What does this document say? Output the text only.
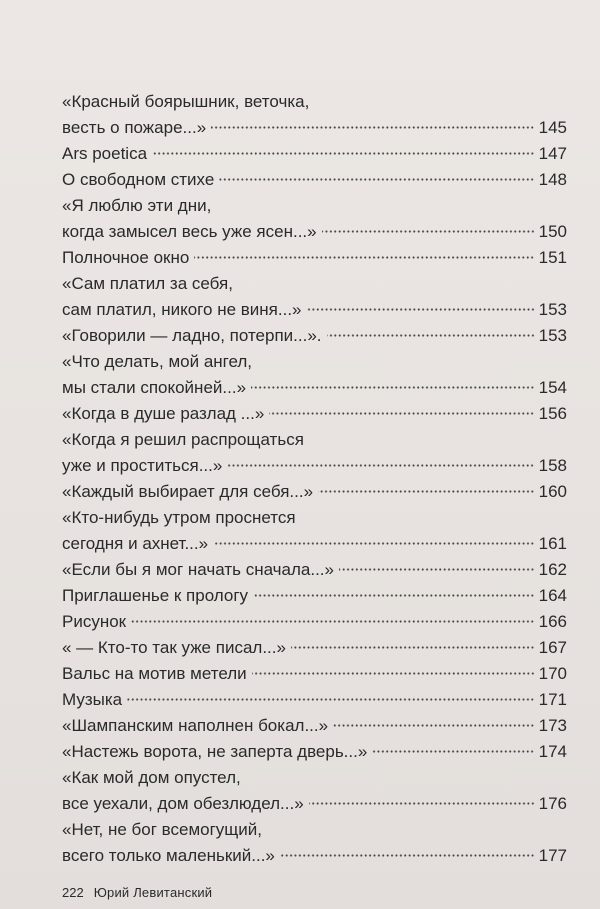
«Красный боярышник, веточка,
весть о пожаре...»	145
Ars poetica	147
О свободном стихе	148
«Я люблю эти дни,
когда замысел весь уже ясен...»	150
Полночное окно	151
«Сам платил за себя,
сам платил, никого не виня...»	153
«Говорили — ладно, потерпи...».	153
«Что делать, мой ангел,
мы стали спокойней...»	154
«Когда в душе разлад ...»	156
«Когда я решил распрощаться
уже и проститься...»	158
«Каждый выбирает для себя...»	160
«Кто-нибудь утром проснется
сегодня и ахнет...»	161
«Если бы я мог начать сначала...»	162
Приглашенье к прологу	164
Рисунок	166
« — Кто-то так уже писал...»	167
Вальс на мотив метели	170
Музыка	171
«Шампанским наполнен бокал...»	173
«Настежь ворота, не заперта дверь...»	174
«Как мой дом опустел,
все уехали, дом обезлюдел...»	176
«Нет, не бог всемогущий,
всего только маленький...»	177
222 Юрий Левитанский
